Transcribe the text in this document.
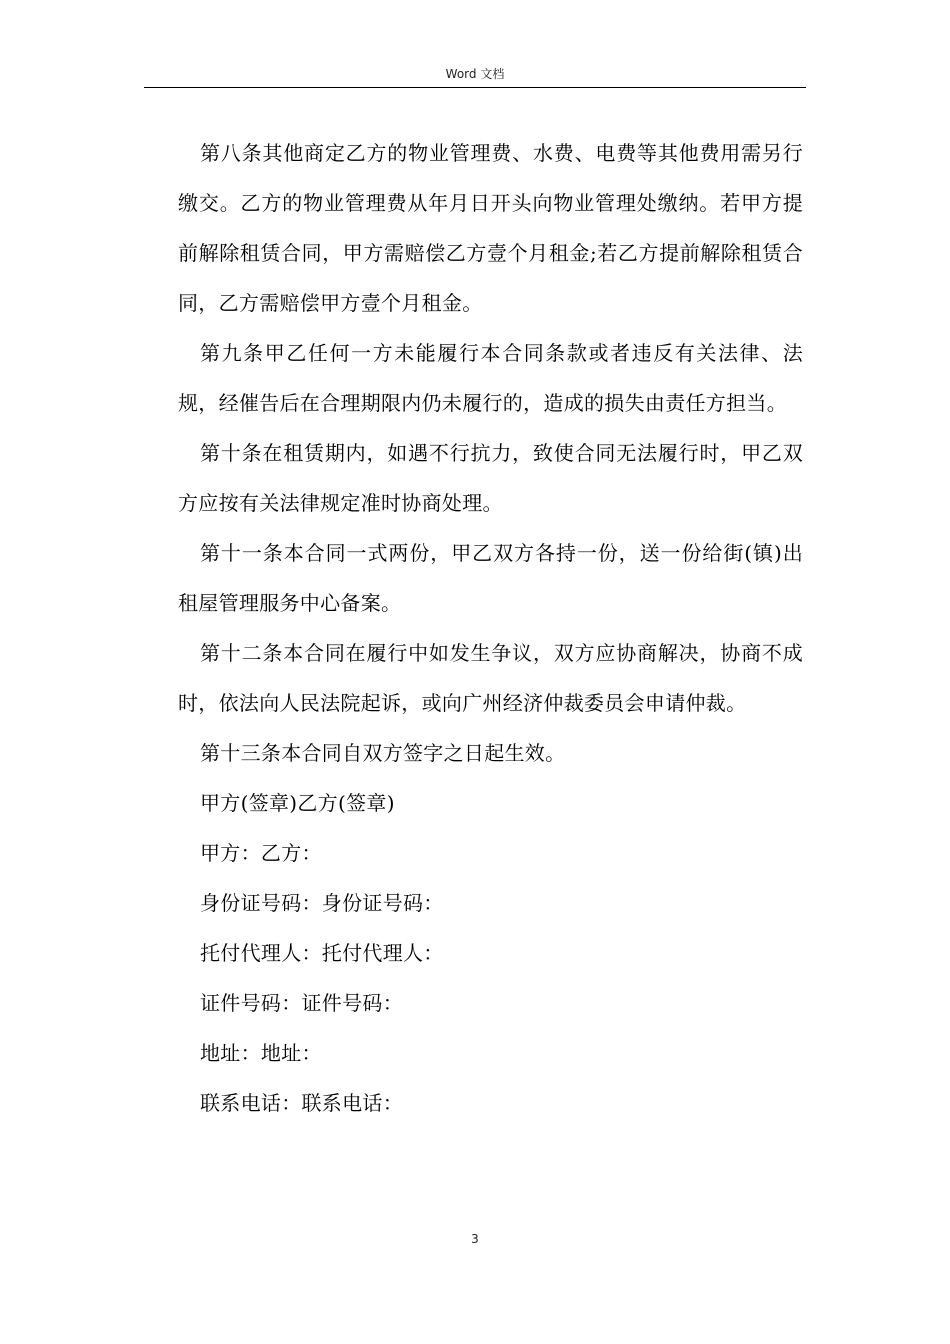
Word 文档

第八条其他商定乙方的物业管理费、水费、电费等其他费用需另行缴交。乙方的物业管理费从年月日开头向物业管理处缴纳。若甲方提前解除租赁合同，甲方需赔偿乙方壹个月租金;若乙方提前解除租赁合同，乙方需赔偿甲方壹个月租金。

第九条甲乙任何一方未能履行本合同条款或者违反有关法律、法规，经催告后在合理期限内仍未履行的，造成的损失由责任方担当。

第十条在租赁期内，如遇不行抗力，致使合同无法履行时，甲乙双方应按有关法律规定准时协商处理。

第十一条本合同一式两份，甲乙双方各持一份，送一份给街(镇)出租屋管理服务中心备案。

第十二条本合同在履行中如发生争议，双方应协商解决，协商不成时，依法向人民法院起诉，或向广州经济仲裁委员会申请仲裁。

第十三条本合同自双方签字之日起生效。

甲方(签章)乙方(签章)

甲方：乙方：

身份证号码：身份证号码：

托付代理人：托付代理人：

证件号码：证件号码：

地址：地址：

联系电话：联系电话：

3
